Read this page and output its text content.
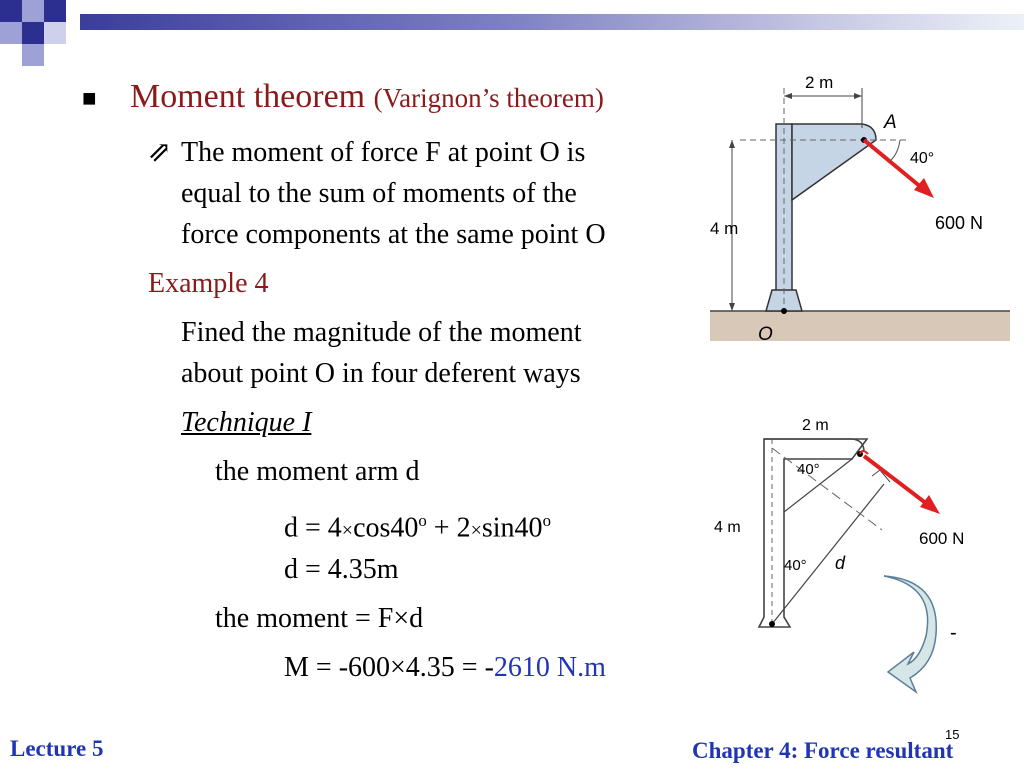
■ Moment theorem (Varignon’s theorem)
⇗ The moment of force F at point O is
equal to the sum of moments of the
force components at the same point O
Example 4
Fined the magnitude of the moment
about point O in four deferent ways
Technique I
the moment arm d
$d = 4\times\cos 40^o + 2\times\sin 40^o$
d = 4.35m
the moment = F×d
M = -600×4.35 = -2610 N.m
2 m
4 m
A
40°
600 N
O
2 m
4 m
40°
600 N
40° d
-
15
Lecture 5	Chapter 4: Force resultant
